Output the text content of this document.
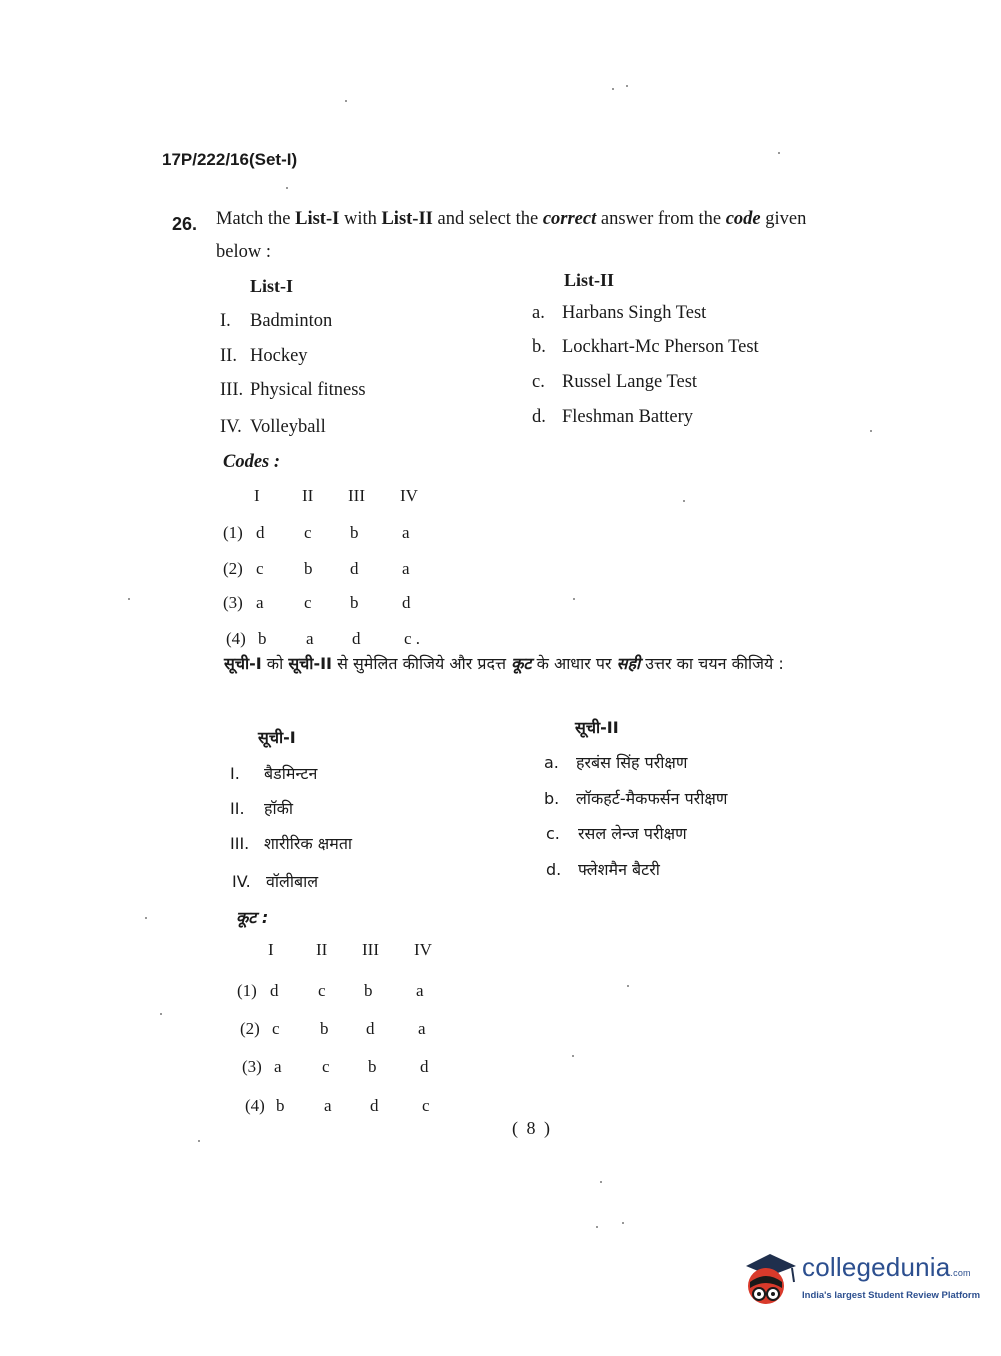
17P/222/16(Set-I)
26. Match the List-I with List-II and select the correct answer from the code given below :
List-I
I. Badminton
II. Hockey
III. Physical fitness
IV. Volleyball
List-II
a. Harbans Singh Test
b. Lockhart-Mc Pherson Test
c. Russel Lange Test
d. Fleshman Battery
Codes :
I II III IV
(1) d c b	a
(2) c b d	a
(3) a c b	d
(4) b a d	c .
सूची-I को सूची-II से सुमेलित कीजिये और प्रदत्त कूट के आधार पर सही उत्तर का चयन कीजिये :
सूची-I
I. बैडमिन्टन
II. हॉकी
III. शारीरिक क्षमता
IV. वॉलीबाल
सूची-II
a. हरबंस सिंह परीक्षण
b. लॉकहर्ट-मैकफर्सन परीक्षण
c. रसल लेन्ज परीक्षण
d. फ्लेशमैन बैटरी
कूट :
I II III IV
(1) d c b	a
(2) c b d	a
(3) a c b	d
(4) b a d	c
( 8 )
collegedunia.com
India's largest Student Review Platform
